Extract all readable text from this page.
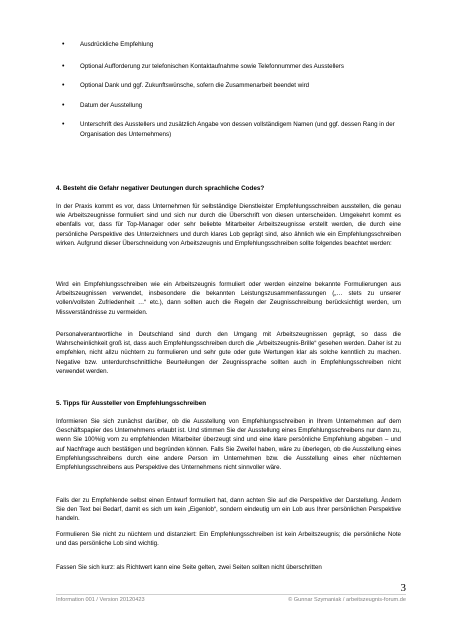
•	Ausdrückliche Empfehlung
•	Optional Aufforderung zur telefonischen Kontaktaufnahme sowie Telefonnummer des Ausstellers
•	Optional Dank und ggf. Zukunftswünsche, sofern die Zusammenarbeit beendet wird
•	Datum der Ausstellung
•	Unterschrift des Ausstellers und zusätzlich Angabe von dessen vollständigem Namen (und ggf. dessen Rang in der Organisation des Unternehmens)
4. Besteht die Gefahr negativer Deutungen durch sprachliche Codes?

In der Praxis kommt es vor, dass Unternehmen für selbständige Dienstleister Empfehlungsschreiben ausstellen, die genau wie Arbeitszeugnisse formuliert sind und sich nur durch die Überschrift von diesen unterscheiden. Umgekehrt kommt es ebenfalls vor, dass für Top-Manager oder sehr beliebte Mitarbeiter Arbeitszeugnisse erstellt werden, die durch eine persönliche Perspektive des Unterzeichners und durch klares Lob geprägt sind, also ähnlich wie ein Empfehlungsschreiben wirken. Aufgrund dieser Überschneidung von Arbeitszeugnis und Empfehlungsschreiben sollte folgendes beachtet werden:

Wird ein Empfehlungsschreiben wie ein Arbeitszeugnis formuliert oder werden einzelne bekannte Formulierungen aus Arbeitszeugnissen verwendet, insbesondere die bekannten Leistungszusammenfassungen („… stets zu unserer vollen/vollsten Zufriedenheit …“ etc.), dann sollten auch die Regeln der Zeugnisschreibung berücksichtigt werden, um Missverständnisse zu vermeiden.

Personalverantwortliche in Deutschland sind durch den Umgang mit Arbeitszeugnissen geprägt, so dass die Wahrscheinlichkeit groß ist, dass auch Empfehlungsschreiben durch die „Arbeitszeugnis-Brille“ gesehen werden. Daher ist zu empfehlen, nicht allzu nüchtern zu formulieren und sehr gute oder gute Wertungen klar als solche kenntlich zu machen. Negative bzw. unterdurchschnittliche Beurteilungen der Zeugnissprache sollten auch in Empfehlungsschreiben nicht verwendet werden.

5. Tipps für Aussteller von Empfehlungsschreiben

Informieren Sie sich zunächst darüber, ob die Ausstellung von Empfehlungsschreiben in Ihrem Unternehmen auf dem Geschäftspapier des Unternehmens erlaubt ist. Und stimmen Sie der Ausstellung eines Empfehlungsschreibens nur dann zu, wenn Sie 100%ig vom zu empfehlenden Mitarbeiter überzeugt sind und eine klare persönliche Empfehlung abgeben – und auf Nachfrage auch bestätigen und begründen können. Falls Sie Zweifel haben, wäre zu überlegen, ob die Ausstellung eines Empfehlungsschreibens durch eine andere Person im Unternehmen bzw. die Ausstellung eines eher nüchternen Empfehlungsschreibens aus Perspektive des Unternehmens nicht sinnvoller wäre.

Falls der zu Empfehlende selbst einen Entwurf formuliert hat, dann achten Sie auf die Perspektive der Darstellung. Ändern Sie den Text bei Bedarf, damit es sich um kein „Eigenlob“, sondern eindeutig um ein Lob aus Ihrer persönlichen Perspektive handeln.

Formulieren Sie nicht zu nüchtern und distanziert: Ein Empfehlungsschreiben ist kein Arbeitszeugnis; die persönliche Note und das persönliche Lob sind wichtig.

Fassen Sie sich kurz: als Richtwert kann eine Seite gelten, zwei Seiten sollten nicht überschritten

3
Information 001 / Version 20120423	© Gunnar Szymaniak / arbeitszeugnis-forum.de
